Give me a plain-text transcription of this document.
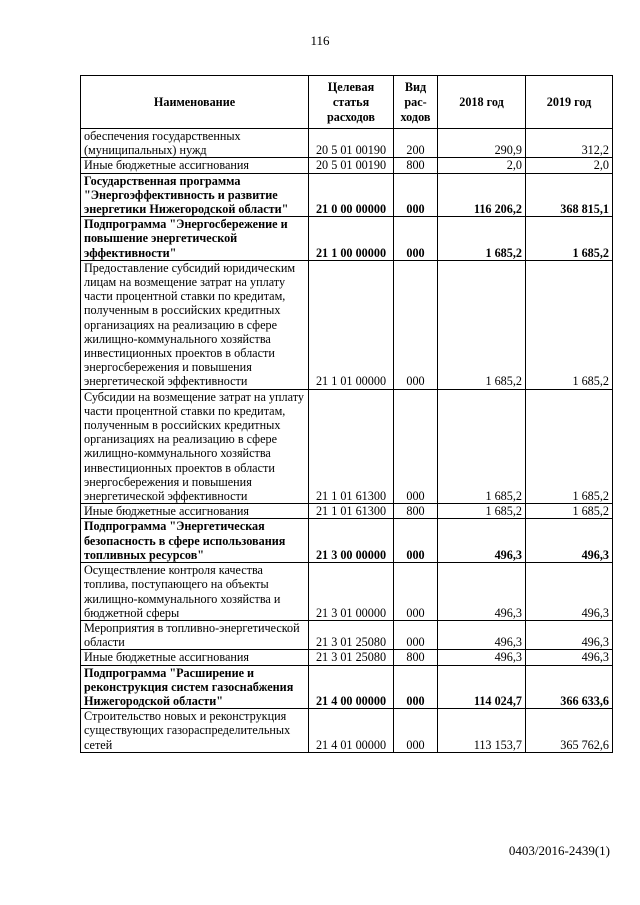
116
Наименование	Целевая статья расходов	Вид рас-ходов	2018 год	2019 год
обеспечения государственных (муниципальных) нужд	20 5 01 00190	200	290,9	312,2
Иные бюджетные ассигнования	20 5 01 00190	800	2,0	2,0
Государственная программа "Энергоэффективность и развитие энергетики Нижегородской области"	21 0 00 00000	000	116 206,2	368 815,1
Подпрограмма "Энергосбережение и повышение энергетической эффективности"	21 1 00 00000	000	1 685,2	1 685,2
Предоставление субсидий юридическим лицам на возмещение затрат на уплату части процентной ставки по кредитам, полученным в российских кредитных организациях на реализацию в сфере жилищно-коммунального хозяйства инвестиционных проектов в области энергосбережения и повышения энергетической эффективности	21 1 01 00000	000	1 685,2	1 685,2
Субсидии на возмещение затрат на уплату части процентной ставки по кредитам, полученным в российских кредитных организациях на реализацию в сфере жилищно-коммунального хозяйства инвестиционных проектов в области энергосбережения и повышения энергетической эффективности	21 1 01 61300	000	1 685,2	1 685,2
Иные бюджетные ассигнования	21 1 01 61300	800	1 685,2	1 685,2
Подпрограмма "Энергетическая безопасность в сфере использования топливных ресурсов"	21 3 00 00000	000	496,3	496,3
Осуществление контроля качества топлива, поступающего на объекты жилищно-коммунального хозяйства и бюджетной сферы	21 3 01 00000	000	496,3	496,3
Мероприятия в топливно-энергетической области	21 3 01 25080	000	496,3	496,3
Иные бюджетные ассигнования	21 3 01 25080	800	496,3	496,3
Подпрограмма "Расширение и реконструкция систем газоснабжения Нижегородской области"	21 4 00 00000	000	114 024,7	366 633,6
Строительство новых и реконструкция существующих газораспределительных сетей	21 4 01 00000	000	113 153,7	365 762,6
0403/2016-2439(1)
